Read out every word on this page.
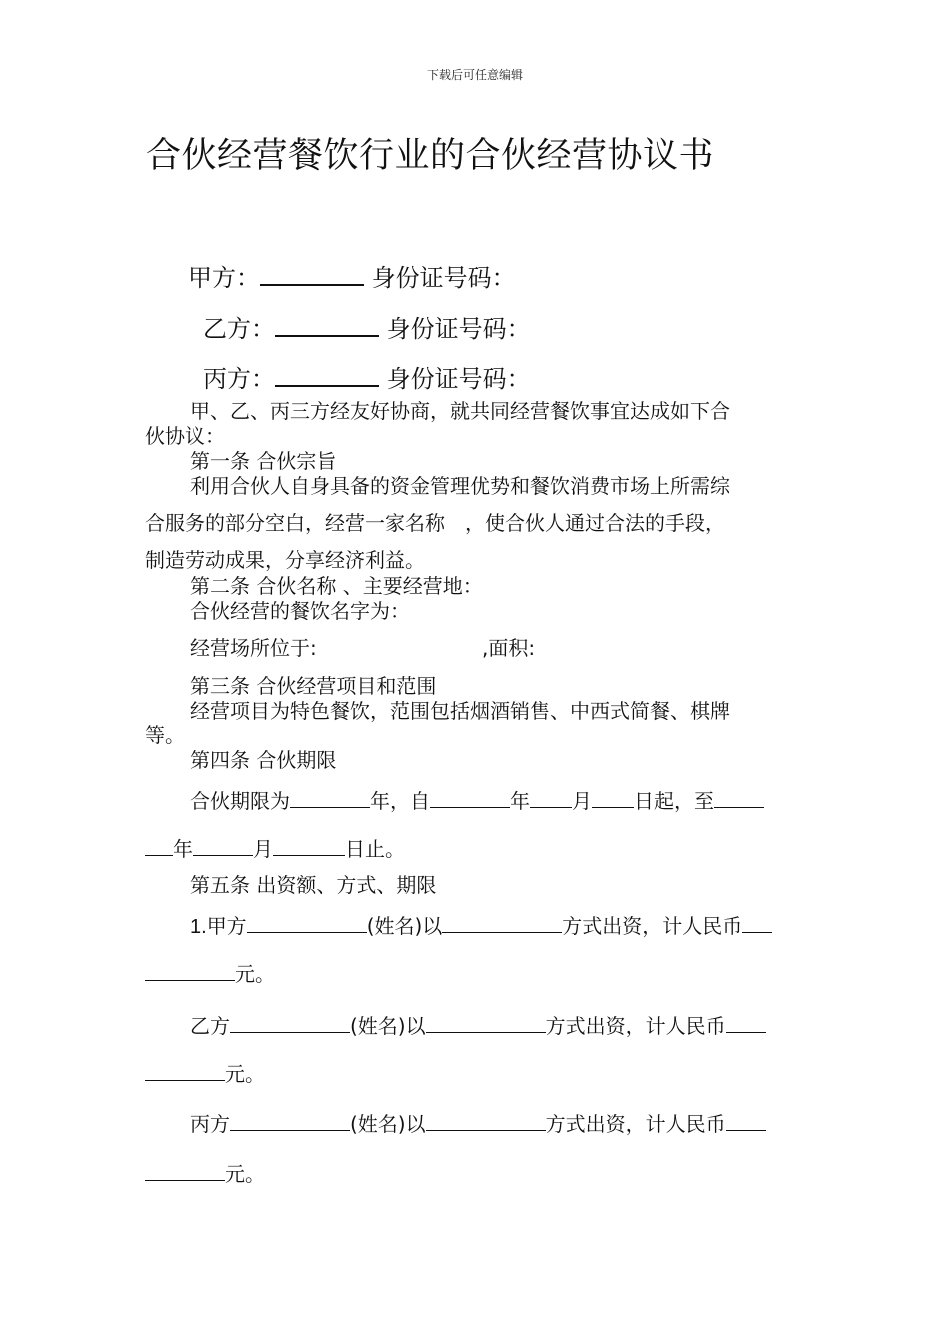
下载后可任意编辑
合伙经营餐饮行业的合伙经营协议书
甲方：	身份证号码：
乙方：	身份证号码：
丙方：	身份证号码：
甲、乙、丙三方经友好协商，就共同经营餐饮事宜达成如下合
伙协议：
第一条 合伙宗旨
利用合伙人自身具备的资金管理优势和餐饮消费市场上所需综
合服务的部分空白，经营一家名称　，使合伙人通过合法的手段，
制造劳动成果，分享经济利益。
第二条 合伙名称 、主要经营地：
合伙经营的餐饮名字为：
经营场所位于:	,面积:
第三条 合伙经营项目和范围
经营项目为特色餐饮，范围包括烟酒销售、中西式简餐、棋牌
等。
第四条 合伙期限
合伙期限为	年，自	年 月 日起，至
年	月	日止。
第五条 出资额、方式、期限
1.甲方	(姓名)以	方式出资，计人民币
元。
乙方	(姓名)以	方式出资，计人民币
元。
丙方	(姓名)以	方式出资，计人民币
元。
